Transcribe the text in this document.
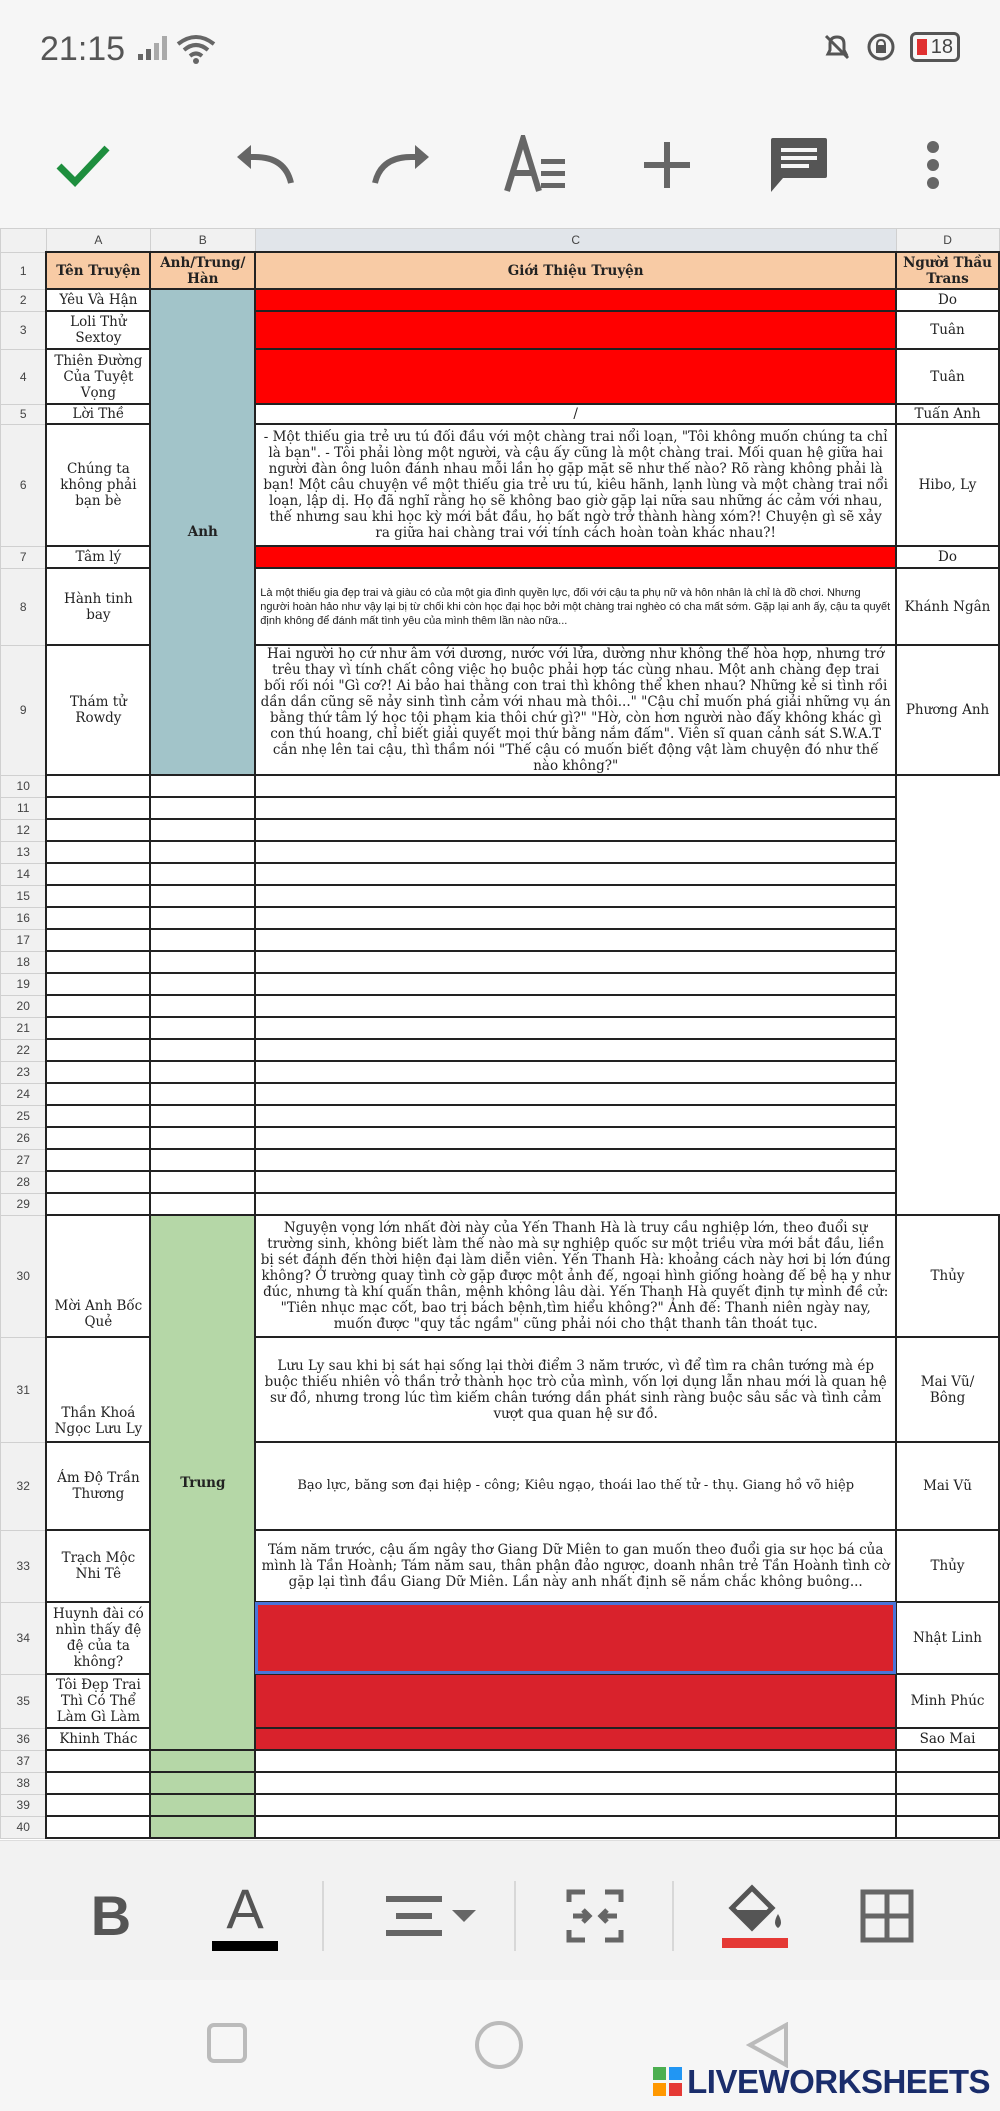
21:15	18
	A	B	C	D
1	Tên Truyện	Anh/Trung/ Hàn	Giới Thiệu Truyện	Người Thầu Trans
2	Yêu Và Hận	Anh		Do
3	Loli Thử Sextoy			Tuân
4	Thiên Đường Của Tuyệt Vọng			Tuân
5	Lời Thề		/	Tuấn Anh
6	Chúng ta không phải bạn bè		- Một thiếu gia trẻ ưu tú đối đầu với một chàng trai nổi loạn, "Tôi không muốn chúng ta chỉ là bạn". - Tôi phải lòng một người, và cậu ấy cũng là một chàng trai. Mối quan hệ giữa hai người đàn ông luôn đánh nhau mỗi lần họ gặp mặt sẽ như thế nào? Rõ ràng không phải là bạn! Một câu chuyện về một thiếu gia trẻ ưu tú, kiêu hãnh, lạnh lùng và một chàng trai nổi loạn, lập dị. Họ đã nghĩ rằng họ sẽ không bao giờ gặp lại nữa sau những ác cảm với nhau, thế nhưng sau khi học kỳ mới bắt đầu, họ bất ngờ trở thành hàng xóm?! Chuyện gì sẽ xảy ra giữa hai chàng trai với tính cách hoàn toàn khác nhau?!	Hibo, Ly
7	Tâm lý			Do
8	Hành tinh bay		Là một thiếu gia đẹp trai và giàu có của một gia đình quyền lực, đối với cậu ta phụ nữ và hôn nhân là chỉ là đồ chơi. Nhưng người hoàn hảo như vậy lại bị từ chối khi còn học đại học bởi một chàng trai nghèo có cha mất sớm. Gặp lại anh ấy, cậu ta quyết định không để đánh mất tình yêu của mình thêm lần nào nữa...	Khánh Ngân
9	Thám tử Rowdy		Hai người họ cứ như âm với dương, nước với lửa, dường như không thể hòa hợp, nhưng trớ trêu thay vì tính chất công việc họ buộc phải hợp tác cùng nhau. Một anh chàng đẹp trai bối rối nói "Gì cơ?! Ai bảo hai thằng con trai thì không thể khen nhau? Những kẻ si tình rồi dần dần cũng sẽ nảy sinh tình cảm với nhau mà thôi..." "Cậu chỉ muốn phá giải những vụ án bằng thứ tâm lý học tội phạm kia thôi chứ gì?" "Hờ, còn hơn người nào đấy không khác gì con thú hoang, chỉ biết giải quyết mọi thứ bằng nắm đấm". Viên sĩ quan cảnh sát S.W.A.T cắn nhẹ lên tai cậu, thì thầm nói "Thế cậu có muốn biết động vật làm chuyện đó như thế nào không?"	Phương Anh
10				
11				
12				
13				
14				
15				
16				
17				
18				
19				
20				
21				
22				
23				
24				
25				
26				
27				
28				
29				
30	Mời Anh Bốc Quẻ	Trung	Nguyện vọng lớn nhất đời này của Yến Thanh Hà là truy cầu nghiệp lớn, theo đuổi sự trường sinh, không biết làm thế nào mà sự nghiệp quốc sư một triều vừa mới bắt đầu, liền bị sét đánh đến thời hiện đại làm diễn viên. Yến Thanh Hà: khoảng cách này hơi bị lớn đúng không? Ở trường quay tình cờ gặp được một ảnh đế, ngoại hình giống hoàng đế bệ hạ y như đúc, nhưng tà khí quấn thân, mệnh không lâu dài. Yến Thanh Hà quyết định tự mình đề cử: "Tiên nhục mạc cốt, bao trị bách bệnh,tìm hiểu không?" Ảnh đế: Thanh niên ngày nay, muốn được "quy tắc ngầm" cũng phải nói cho thật thanh tân thoát tục.	Thủy
31	Thần Khoá Ngọc Lưu Ly		Lưu Ly sau khi bị sát hại sống lại thời điểm 3 năm trước, vì để tìm ra chân tướng mà ép buộc thiếu nhiên vô thần trở thành học trò của mình, vốn lợi dụng lẫn nhau mới là quan hệ sư đồ, nhưng trong lúc tìm kiếm chân tướng dần phát sinh ràng buộc sâu sắc và tình cảm vượt qua quan hệ sư đồ.	Mai Vũ/ Bông
32	Ám Độ Trần Thương		Bạo lực, băng sơn đại hiệp - công; Kiêu ngạo, thoái lao thế tử - thụ. Giang hồ võ hiệp	Mai Vũ
33	Trạch Mộc Nhi Tê		Tám năm trước, cậu ấm ngây thơ Giang Dữ Miên to gan muốn theo đuổi gia sư học bá của mình là Tần Hoành; Tám năm sau, thân phận đảo ngược, doanh nhân trẻ Tần Hoành tình cờ gặp lại tình đầu Giang Dữ Miên. Lần này anh nhất định sẽ nắm chắc không buông...	Thủy
34	Huynh đài có nhìn thấy đệ đệ của ta không?			Nhật Linh
35	Tôi Đẹp Trai Thì Có Thể Làm Gì Làm			Minh Phúc
36	Khinh Thác			Sao Mai
37				
38				
39				
40				
B A
LIVEWORKSHEETS
